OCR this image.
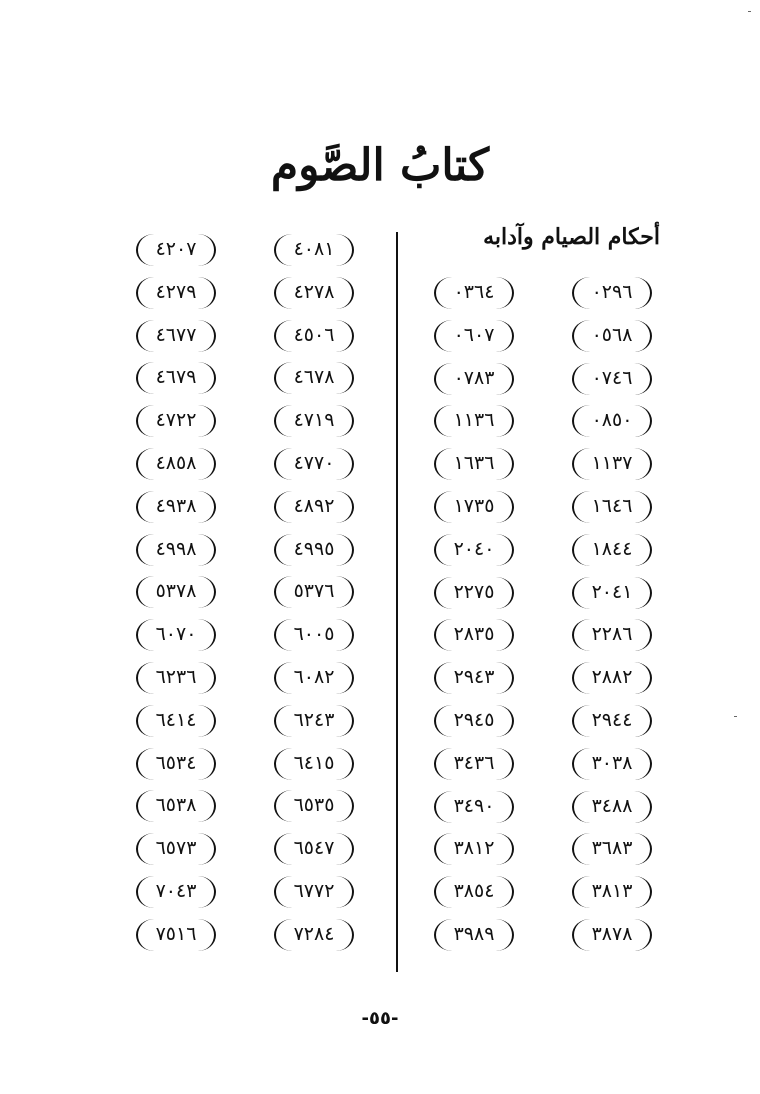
كتابُ الصَّوم
أحكام الصيام وآدابه
٠٢٩٦
٠٥٦٨
٠٧٤٦
٠٨٥٠
١١٣٧
١٦٤٦
١٨٤٤
٢٠٤١
٢٢٨٦
٢٨٨٢
٢٩٤٤
٣٠٣٨
٣٤٨٨
٣٦٨٣
٣٨١٣
٣٨٧٨
٠٣٦٤
٠٦٠٧
٠٧٨٣
١١٣٦
١٦٣٦
١٧٣٥
٢٠٤٠
٢٢٧٥
٢٨٣٥
٢٩٤٣
٢٩٤٥
٣٤٣٦
٣٤٩٠
٣٨١٢
٣٨٥٤
٣٩٨٩
٤٠٨١
٤٢٧٨
٤٥٠٦
٤٦٧٨
٤٧١٩
٤٧٧٠
٤٨٩٢
٤٩٩٥
٥٣٧٦
٦٠٠٥
٦٠٨٢
٦٢٤٣
٦٤١٥
٦٥٣٥
٦٥٤٧
٦٧٧٢
٧٢٨٤
٤٢٠٧
٤٢٧٩
٤٦٧٧
٤٦٧٩
٤٧٢٢
٤٨٥٨
٤٩٣٨
٤٩٩٨
٥٣٧٨
٦٠٧٠
٦٢٣٦
٦٤١٤
٦٥٣٤
٦٥٣٨
٦٥٧٣
٧٠٤٣
٧٥١٦
-٥٥-
